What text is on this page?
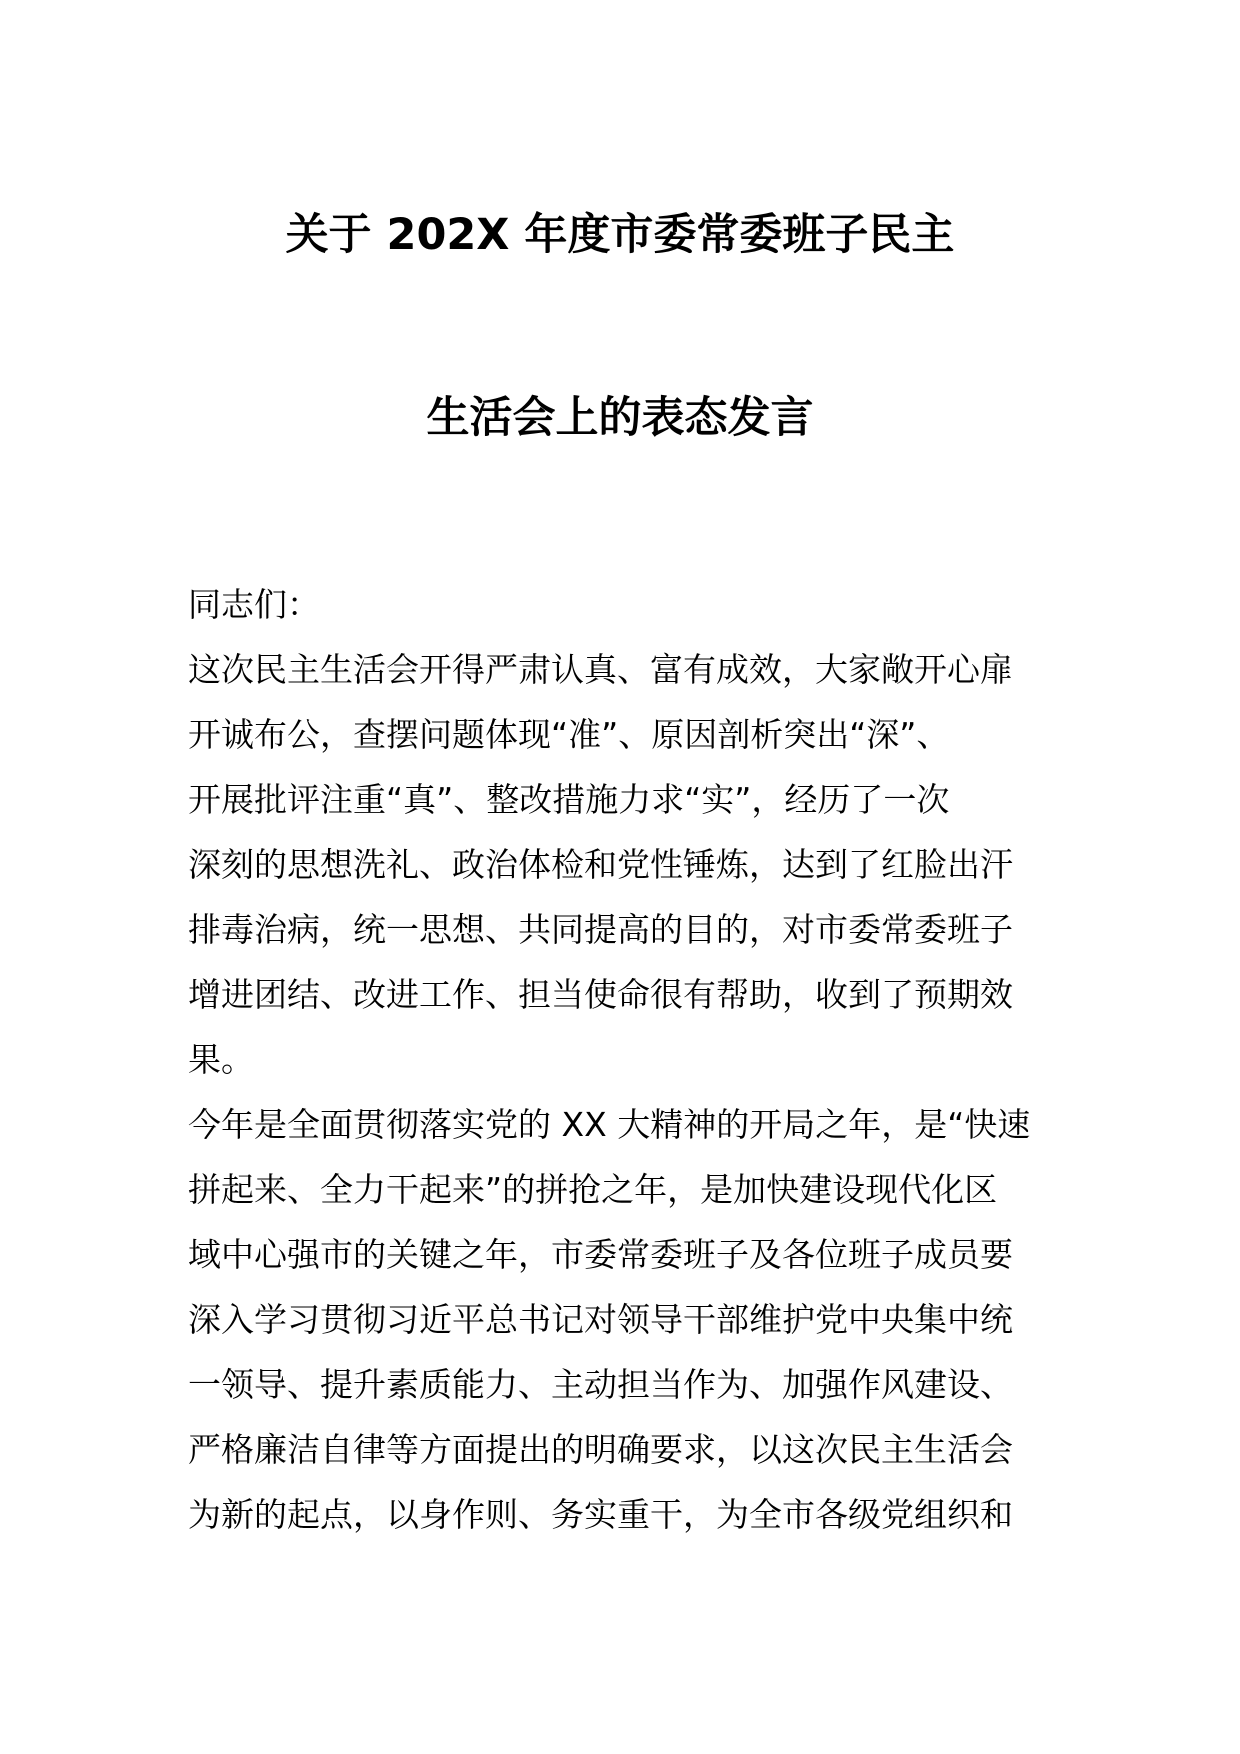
关于 202X 年度市委常委班子民主
生活会上的表态发言
同志们：
这次民主生活会开得严肃认真、富有成效，大家敞开心扉
开诚布公，查摆问题体现“准”、原因剖析突出“深”、
开展批评注重“真”、整改措施力求“实”，经历了一次
深刻的思想洗礼、政治体检和党性锤炼，达到了红脸出汗
排毒治病，统一思想、共同提高的目的，对市委常委班子
增进团结、改进工作、担当使命很有帮助，收到了预期效
果。
今年是全面贯彻落实党的 XX 大精神的开局之年，是“快速
拼起来、全力干起来”的拼抢之年，是加快建设现代化区
域中心强市的关键之年，市委常委班子及各位班子成员要
深入学习贯彻习近平总书记对领导干部维护党中央集中统
一领导、提升素质能力、主动担当作为、加强作风建设、
严格廉洁自律等方面提出的明确要求，以这次民主生活会
为新的起点，以身作则、务实重干，为全市各级党组织和
